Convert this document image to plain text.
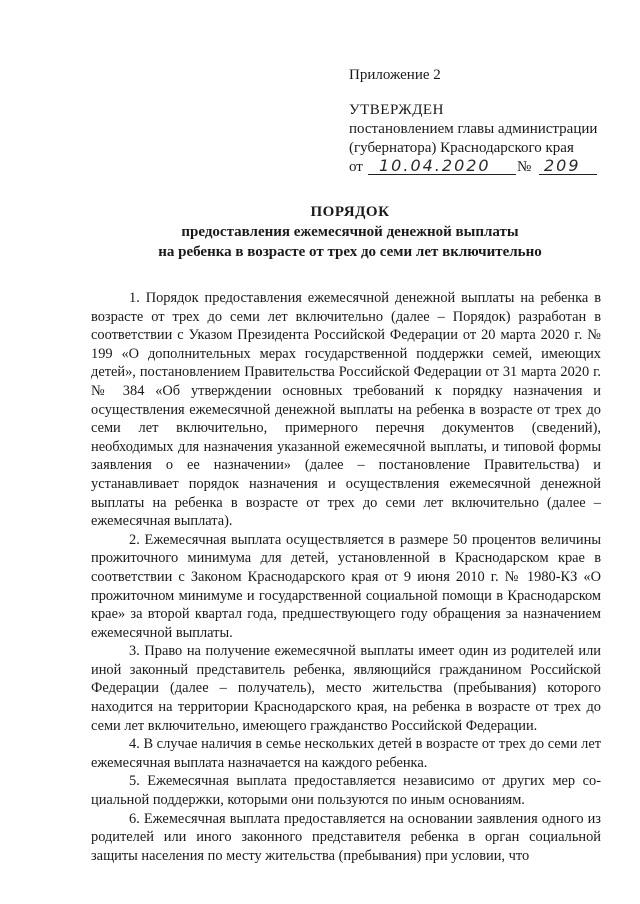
Приложение 2
УТВЕРЖДЕН
постановлением главы администрации
(губернатора) Краснодарского края
от 10.04.2020 № 209
ПОРЯДОК
предоставления ежемесячной денежной выплаты
на ребенка в возрасте от трех до семи лет включительно

1. Порядок предоставления ежемесячной денежной выплаты на ребенка в возрасте от трех до семи лет включительно (далее – Порядок) разработан в соответствии с Указом Президента Российской Федерации от 20 марта 2020 г. № 199 «О дополнительных мерах государственной поддержки семей, имеющих детей», постановлением Правительства Российской Федерации от 31 марта 2020 г. № 384 «Об утверждении основных требований к порядку назначения и осуществления ежемесячной денежной выплаты на ребенка в возрасте от трех до семи лет включительно, примерного перечня документов (сведений), необходимых для назначения указанной ежемесячной выплаты, и типовой формы заявления о ее назначении» (далее – постановление Правительства) и устанавливает порядок назначения и осуществления ежемесячной денежной выплаты на ребенка в возрасте от трех до семи лет включительно (далее – ежемесячная выплата).

2. Ежемесячная выплата осуществляется в размере 50 процентов величины прожиточного минимума для детей, установленной в Краснодарском крае в соответствии с Законом Краснодарского края от 9 июня 2010 г. № 1980-КЗ «О прожиточном минимуме и государственной социальной помощи в Краснодарском крае» за второй квартал года, предшествующего году обращения за назначением ежемесячной выплаты.

3. Право на получение ежемесячной выплаты имеет один из родителей или иной законный представитель ребенка, являющийся гражданином Российской Федерации (далее – получатель), место жительства (пребывания) которого находится на территории Краснодарского края, на ребенка в возрасте от трех до семи лет включительно, имеющего гражданство Российской Федерации.

4. В случае наличия в семье нескольких детей в возрасте от трех до семи лет ежемесячная выплата назначается на каждого ребенка.

5. Ежемесячная выплата предоставляется независимо от других мер социальной поддержки, которыми они пользуются по иным основаниям.

6. Ежемесячная выплата предоставляется на основании заявления одного из родителей или иного законного представителя ребенка в орган социальной защиты населения по месту жительства (пребывания) при условии, что
